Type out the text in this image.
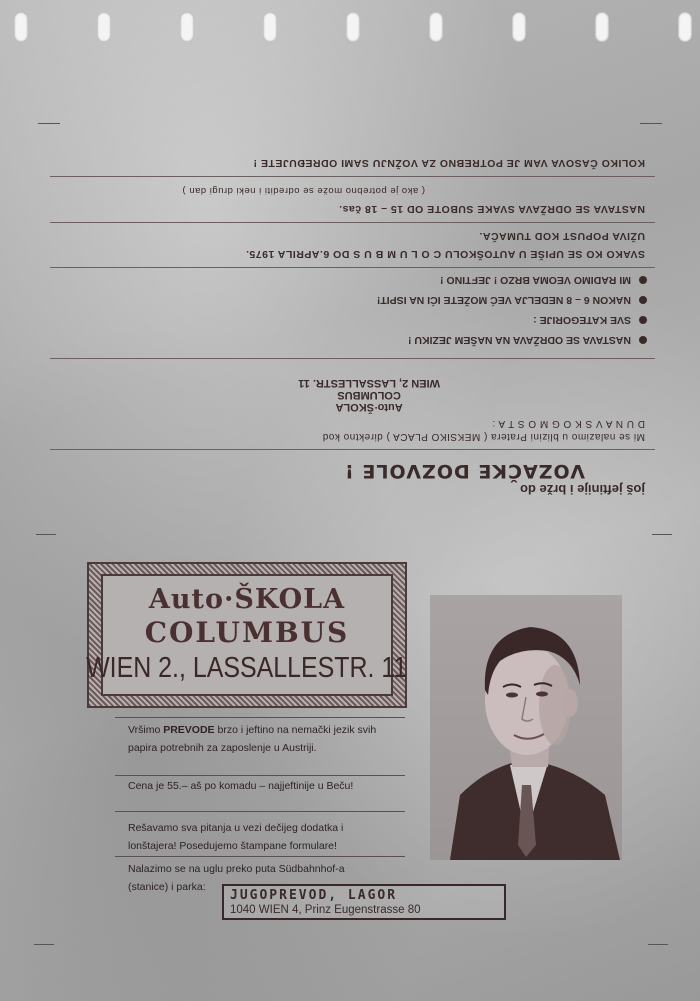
još jeftinije i brže do
VOZAČKE DOZVOLE !
Mi se nalazimo u blizini Pratera ( MEKSIKO PLACA ) direktno kod
D U N A V S K O G M O S T A :
Auto·ŠKOLA
COLUMBUS
WIEN 2, LASSALLESTR. 11
NASTAVA SE ODRŽAVA NA NAŠEM JEZIKU !
SVE KATEGORIJE :
NAKON 6 – 8 NEDELJA VEĆ MOŽETE IĆI NA ISPIT!
MI RADIMO VEOMA BRZO ! JEFTINO !
SVAKO KO SE UPIŠE U AUTOŠKOLU C O L U M B U S DO 6.APRILA 1975.
UŽIVA POPUST KOD TUMAČA.
NASTAVA SE ODRŽAVA SVAKE SUBOTE OD 15 – 18 čas.
( ako je potrebno može se odrediti i neki drugi dan )
KOLIKO ČASOVA VAM JE POTREBNO ZA VOŽNJU SAMI ODREĐUJETE !
Auto·ŠKOLA
COLUMBUS
WIEN 2., LASSALLESTR. 11
Vršimo PREVODE brzo i jeftino na nemački jezik svih papira potrebnih za zaposlenje u Austriji.
Cena je 55.– aš po komadu – najjeftinije u Beču!
Rešavamo sva pitanja u vezi dečijeg dodatka i lonštajera! Posedujemo štampane formulare!
Nalazimo se na uglu preko puta Südbahnhof-a (stanice) i parka:
JUGOPREVOD, LAGOR
1040 WIEN 4, Prinz Eugenstrasse 80
